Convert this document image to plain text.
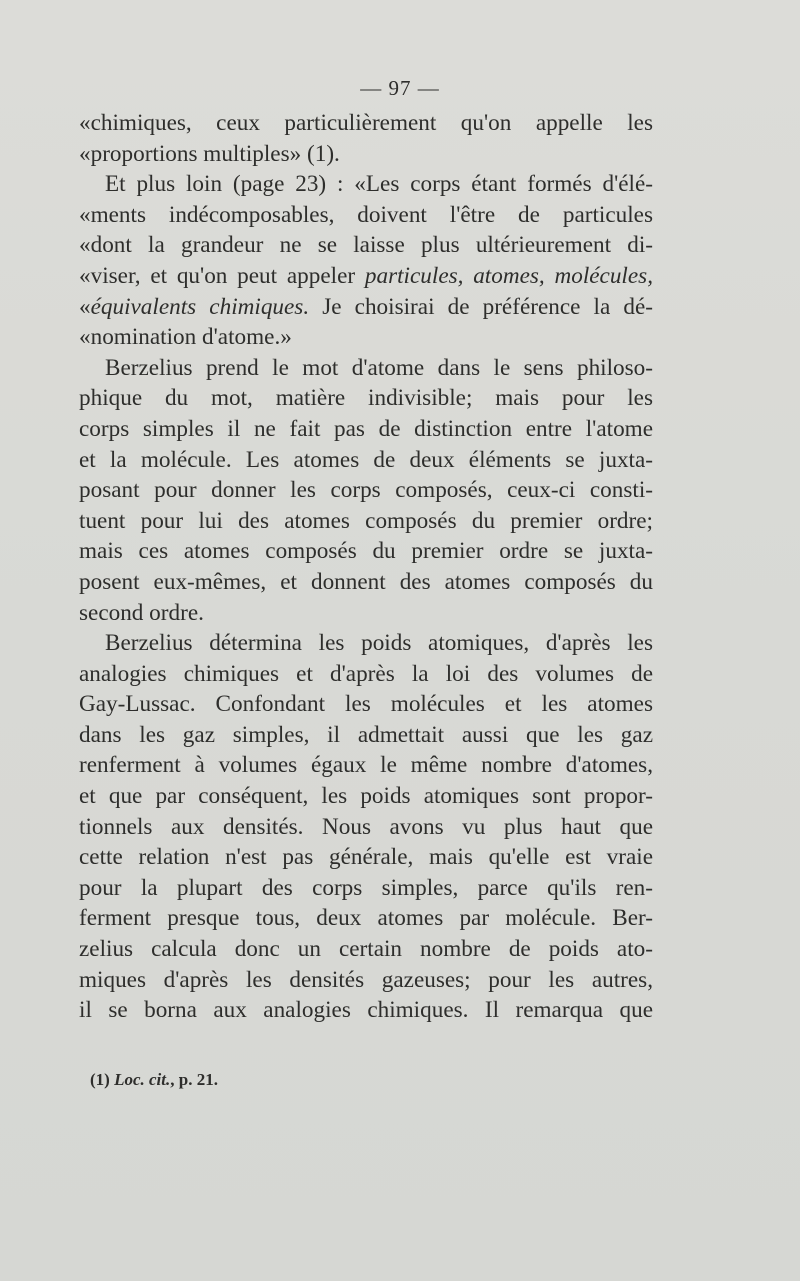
— 97 —
«chimiques, ceux particulièrement qu'on appelle les
«proportions multiples» (1).
Et plus loin (page 23) : «Les corps étant formés d'élé-
«ments indécomposables, doivent l'être de particules
«dont la grandeur ne se laisse plus ultérieurement di-
«viser, et qu'on peut appeler particules, atomes, molécules,
«équivalents chimiques. Je choisirai de préférence la dé-
«nomination d'atome.»
Berzelius prend le mot d'atome dans le sens philoso-
phique du mot, matière indivisible; mais pour les
corps simples il ne fait pas de distinction entre l'atome
et la molécule. Les atomes de deux éléments se juxta-
posant pour donner les corps composés, ceux-ci consti-
tuent pour lui des atomes composés du premier ordre;
mais ces atomes composés du premier ordre se juxta-
posent eux-mêmes, et donnent des atomes composés du
second ordre.
Berzelius détermina les poids atomiques, d'après les
analogies chimiques et d'après la loi des volumes de
Gay-Lussac. Confondant les molécules et les atomes
dans les gaz simples, il admettait aussi que les gaz
renferment à volumes égaux le même nombre d'atomes,
et que par conséquent, les poids atomiques sont propor-
tionnels aux densités. Nous avons vu plus haut que
cette relation n'est pas générale, mais qu'elle est vraie
pour la plupart des corps simples, parce qu'ils ren-
ferment presque tous, deux atomes par molécule. Ber-
zelius calcula donc un certain nombre de poids ato-
miques d'après les densités gazeuses; pour les autres,
il se borna aux analogies chimiques. Il remarqua que
(1) Loc. cit., p. 21.
